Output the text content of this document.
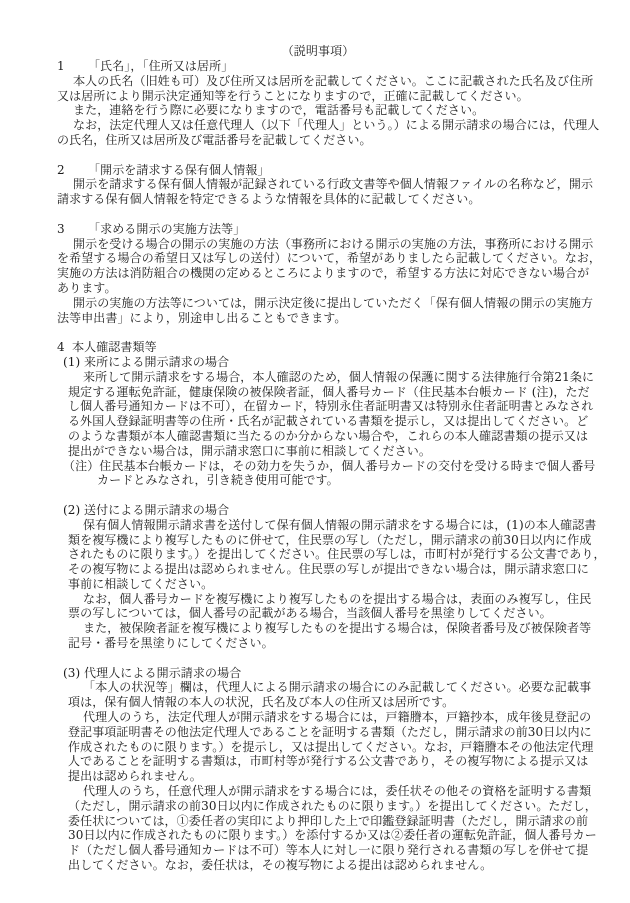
（説明事項）
1	「氏名」，「住所又は居所」
本人の氏名（旧姓も可）及び住所又は居所を記載してください。ここに記載された氏名及び住所
又は居所により開示決定通知等を行うことになりますので，正確に記載してください。
また，連絡を行う際に必要になりますので，電話番号も記載してください。
なお，法定代理人又は任意代理人（以下「代理人」という。）による開示請求の場合には，代理人
の氏名，住所又は居所及び電話番号を記載してください。
2	「開示を請求する保有個人情報」
開示を請求する保有個人情報が記録されている行政文書等や個人情報ファイルの名称など，開示
請求する保有個人情報を特定できるような情報を具体的に記載してください。
3	「求める開示の実施方法等」
開示を受ける場合の開示の実施の方法（事務所における開示の実施の方法，事務所における開示
を希望する場合の希望日又は写しの送付）について，希望がありましたら記載してください。なお，
実施の方法は消防組合の機関の定めるところによりますので，希望する方法に対応できない場合が
あります。
開示の実施の方法等については，開示決定後に提出していただく「保有個人情報の開示の実施方
法等申出書」により，別途申し出ることもできます。
4 本人確認書類等
(1) 来所による開示請求の場合
来所して開示請求をする場合，本人確認のため，個人情報の保護に関する法律施行令第21条に
規定する運転免許証，健康保険の被保険者証，個人番号カード（住民基本台帳カード (注)，ただ
し個人番号通知カードは不可），在留カード，特別永住者証明書又は特別永住者証明書とみなされ
る外国人登録証明書等の住所・氏名が記載されている書類を提示し，又は提出してください。ど
のような書類が本人確認書類に当たるのか分からない場合や，これらの本人確認書類の提示又は
提出ができない場合は，開示請求窓口に事前に相談してください。
（注）住民基本台帳カードは，その効力を失うか，個人番号カードの交付を受ける時まで個人番号
カードとみなされ，引き続き使用可能です。
(2) 送付による開示請求の場合
保有個人情報開示請求書を送付して保有個人情報の開示請求をする場合には，(1)の本人確認書
類を複写機により複写したものに併せて，住民票の写し（ただし，開示請求の前30日以内に作成
されたものに限ります。）を提出してください。住民票の写しは，市町村が発行する公文書であり，
その複写物による提出は認められません。住民票の写しが提出できない場合は，開示請求窓口に
事前に相談してください。
なお，個人番号カードを複写機により複写したものを提出する場合は，表面のみ複写し，住民
票の写しについては，個人番号の記載がある場合，当該個人番号を黒塗りしてください。
また，被保険者証を複写機により複写したものを提出する場合は，保険者番号及び被保険者等
記号・番号を黒塗りにしてください。
(3) 代理人による開示請求の場合
「本人の状況等」欄は，代理人による開示請求の場合にのみ記載してください。必要な記載事
項は，保有個人情報の本人の状況，氏名及び本人の住所又は居所です。
代理人のうち，法定代理人が開示請求をする場合には，戸籍謄本，戸籍抄本，成年後見登記の
登記事項証明書その他法定代理人であることを証明する書類（ただし，開示請求の前30日以内に
作成されたものに限ります。）を提示し，又は提出してください。なお，戸籍謄本その他法定代理
人であることを証明する書類は，市町村等が発行する公文書であり，その複写物による提示又は
提出は認められません。
代理人のうち，任意代理人が開示請求をする場合には，委任状その他その資格を証明する書類
（ただし，開示請求の前30日以内に作成されたものに限ります。）を提出してください。ただし，
委任状については，①委任者の実印により押印した上で印鑑登録証明書（ただし，開示請求の前
30日以内に作成されたものに限ります。）を添付するか又は②委任者の運転免許証，個人番号カー
ド（ただし個人番号通知カードは不可）等本人に対し一に限り発行される書類の写しを併せて提
出してください。なお，委任状は，その複写物による提出は認められません。
